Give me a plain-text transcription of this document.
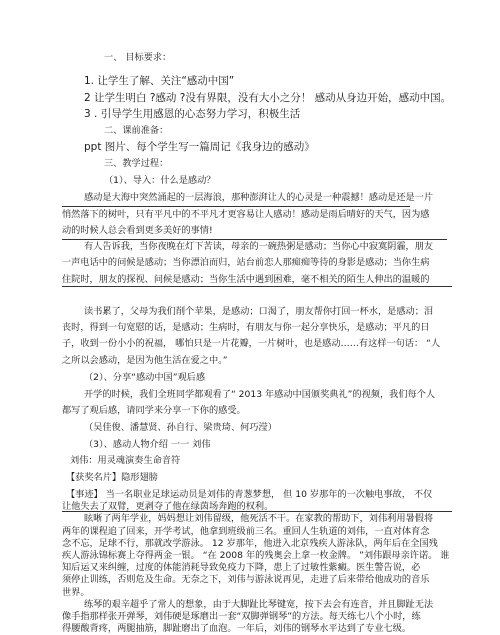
一、 目标要求：
1. 让学生了解、关注“感动中国”
2 让学生明白 ?感动 ?没有界限，没有大小之分！ 感动从身边开始，感动中国。
3 . 引导学生用感恩的心态努力学习，积极生活
二、课前准备：
ppt 图片、每个学生写一篇周记《我身边的感动》
三、教学过程：
（1）、导入：什么是感动？
感动是大海中突然涌起的一层海浪，那种澎湃让人的心灵是一种震撼！感动是还是一片
悄然落下的树叶，只有平凡中的不平凡才更容易让人感动！感动是雨后晴好的天气，因为感
动的时候人总会看到更多美好的事情!
有人告诉我，当你夜晚在灯下苦读，母亲的一碗热粥是感动；当你心中寂寞阴霾，朋友
一声电话中的问候是感动；当你漂泊而归，站台前恋人那痴痴等待的身影是感动；当你生病
住院时，朋友的探视、问候是感动；当你生活中遇到困难，毫不相关的陌生人伸出的温暖的
读书累了，父母为我们削个苹果，是感动；口渴了，朋友帮你打回一杯水，是感动；泪
丧时，得到一句宽慰的话，是感动；生病时，有朋友与你一起分享快乐，是感动；平凡的日
子，收到一份小小的祝福， 哪怕只是一片花瓣，一片树叶，也是感动……有这样一句话： “人
之所以会感动，是因为他生活在爱之中。”
（2）、分享“感动中国”观后感
开学的时候，我们全班同学都观看了“ 2013 年感动中国颁奖典礼”的视频，我们每个人
都写了观后感，请同学来分享一下你的感受。
（吴佳俊、潘慧贤、孙自行、梁贵琦、何巧滢）
（3）、感动人物介绍 一一 刘伟
刘伟：用灵魂演奏生命音符
【获奖名片】隐形翅膀
【事迹】 当一名职业足球运动员是刘伟的青葱梦想， 但 10 岁那年的一次触电事故， 不仅
让他失去了双臂，更剥夺了他在绿茵场奔跑的权利。
眩晰了两年学业，妈妈想让刘伟留级，他死活不干。在家教的帮助下，刘伟利用暑假将
两年的课程追了回来，开学考试，他拿到班级前三名。重回人生轨道的刘伟，一直对体育念
念不忘，足球不行，那就改学游泳。 12 岁那年，他进入北京残疾人游泳队，两年后在全国残
疾人游泳锦标赛上夺得两金一银。 “在 2008 年的残奥会上拿一枚金牌。 ”刘伟跟母亲许诺。 谁
知后运又来纠缠，过度的体能消耗导致免疫力下降，患上了过敏性紫癜。医生警告说，必
须停止训练，否则危及生命。无奈之下，刘伟与游泳说再见，走进了后来带给他成功的音乐
世界。
练琴的艰辛超乎了常人的想象，由于大脚趾比琴键宽，按下去会有连音，并且脚趾无法
像手指那样张开弹琴，刘伟硬是琢磨出一套“双脚弹钢琴”的方法。每天练七八个小时，练
得腰酸背疼，两腿抽筋，脚趾磨出了血泡。一年后，刘伟的钢琴水平达到了专业七级。
